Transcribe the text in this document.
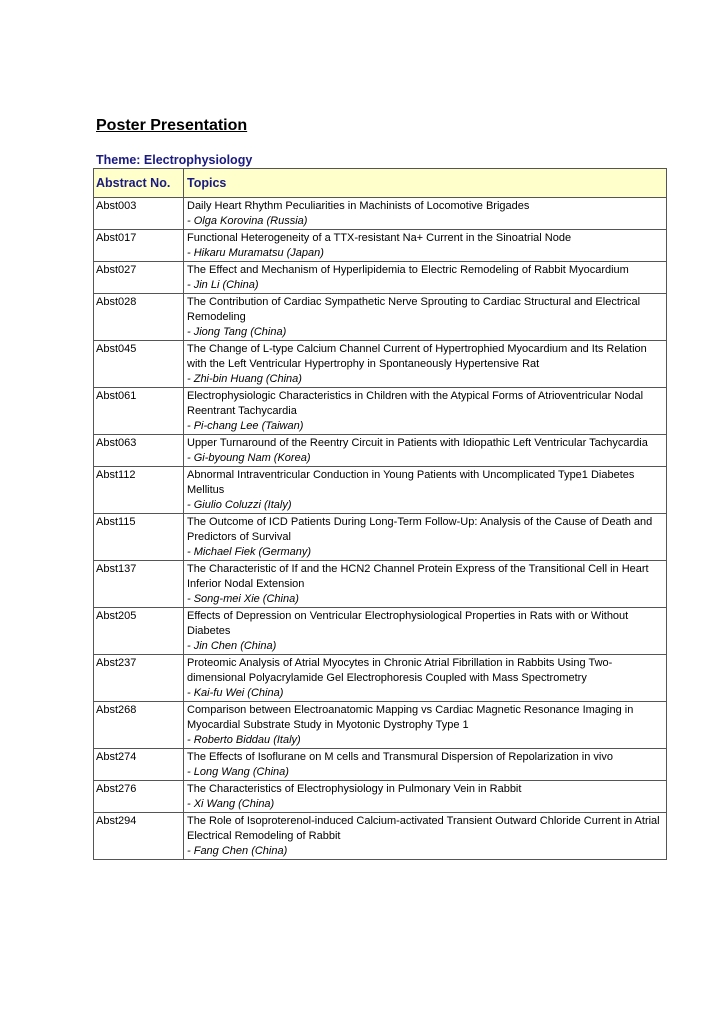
Poster Presentation

Theme: Electrophysiology

Abstract No.	Topics
Abst003	Daily Heart Rhythm Peculiarities in Machinists of Locomotive Brigades
- Olga Korovina (Russia)

Abst017	Functional Heterogeneity of a TTX-resistant Na+ Current in the Sinoatrial Node
- Hikaru Muramatsu (Japan)

Abst027	The Effect and Mechanism of Hyperlipidemia to Electric Remodeling of Rabbit Myocardium
- Jin Li (China)

Abst028	The Contribution of Cardiac Sympathetic Nerve Sprouting to Cardiac Structural and Electrical Remodeling
- Jiong Tang (China)

Abst045	The Change of L-type Calcium Channel Current of Hypertrophied Myocardium and Its Relation with the Left Ventricular Hypertrophy in Spontaneously Hypertensive Rat
- Zhi-bin Huang (China)

Abst061	Electrophysiologic Characteristics in Children with the Atypical Forms of Atrioventricular Nodal Reentrant Tachycardia
- Pi-chang Lee (Taiwan)

Abst063	Upper Turnaround of the Reentry Circuit in Patients with Idiopathic Left Ventricular Tachycardia
- Gi-byoung Nam (Korea)

Abst112	Abnormal Intraventricular Conduction in Young Patients with Uncomplicated Type1 Diabetes Mellitus
- Giulio Coluzzi (Italy)

Abst115	The Outcome of ICD Patients During Long-Term Follow-Up: Analysis of the Cause of Death and Predictors of Survival
- Michael Fiek (Germany)

Abst137	The Characteristic of If and the HCN2 Channel Protein Express of the Transitional Cell in Heart Inferior Nodal Extension
- Song-mei Xie (China)

Abst205	Effects of Depression on Ventricular Electrophysiological Properties in Rats with or Without Diabetes
- Jin Chen (China)

Abst237	Proteomic Analysis of Atrial Myocytes in Chronic Atrial Fibrillation in Rabbits Using Two-dimensional Polyacrylamide Gel Electrophoresis Coupled with Mass Spectrometry
- Kai-fu Wei (China)

Abst268	Comparison between Electroanatomic Mapping vs Cardiac Magnetic Resonance Imaging in Myocardial Substrate Study in Myotonic Dystrophy Type 1
- Roberto Biddau (Italy)

Abst274	The Effects of Isoflurane on M cells and Transmural Dispersion of Repolarization in vivo
- Long Wang (China)

Abst276	The Characteristics of Electrophysiology in Pulmonary Vein in Rabbit
- Xi Wang (China)

Abst294	The Role of Isoproterenol-induced Calcium-activated Transient Outward Chloride Current in Atrial Electrical Remodeling of Rabbit
- Fang Chen (China)
